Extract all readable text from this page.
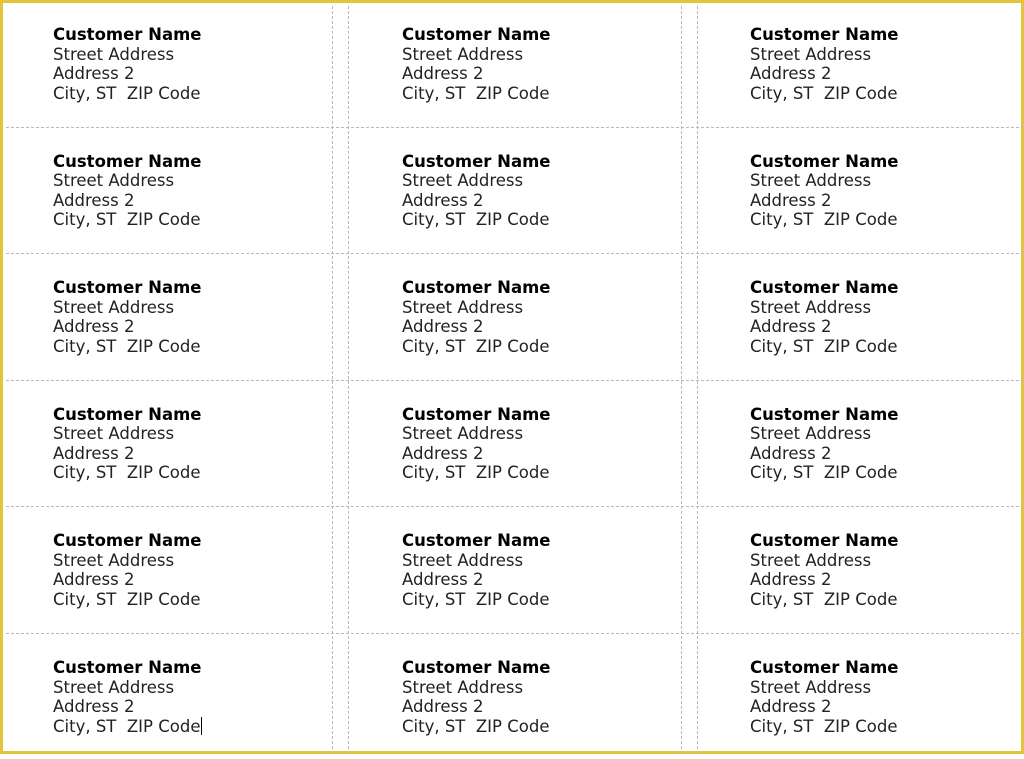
Customer Name
Street Address
Address 2
City, ST  ZIP Code
Customer Name
Street Address
Address 2
City, ST  ZIP Code
Customer Name
Street Address
Address 2
City, ST  ZIP Code
Customer Name
Street Address
Address 2
City, ST  ZIP Code
Customer Name
Street Address
Address 2
City, ST  ZIP Code
Customer Name
Street Address
Address 2
City, ST  ZIP Code
Customer Name
Street Address
Address 2
City, ST  ZIP Code
Customer Name
Street Address
Address 2
City, ST  ZIP Code
Customer Name
Street Address
Address 2
City, ST  ZIP Code
Customer Name
Street Address
Address 2
City, ST  ZIP Code
Customer Name
Street Address
Address 2
City, ST  ZIP Code
Customer Name
Street Address
Address 2
City, ST  ZIP Code
Customer Name
Street Address
Address 2
City, ST  ZIP Code
Customer Name
Street Address
Address 2
City, ST  ZIP Code
Customer Name
Street Address
Address 2
City, ST  ZIP Code
Customer Name
Street Address
Address 2
City, ST  ZIP Code
Customer Name
Street Address
Address 2
City, ST  ZIP Code
Customer Name
Street Address
Address 2
City, ST  ZIP Code
